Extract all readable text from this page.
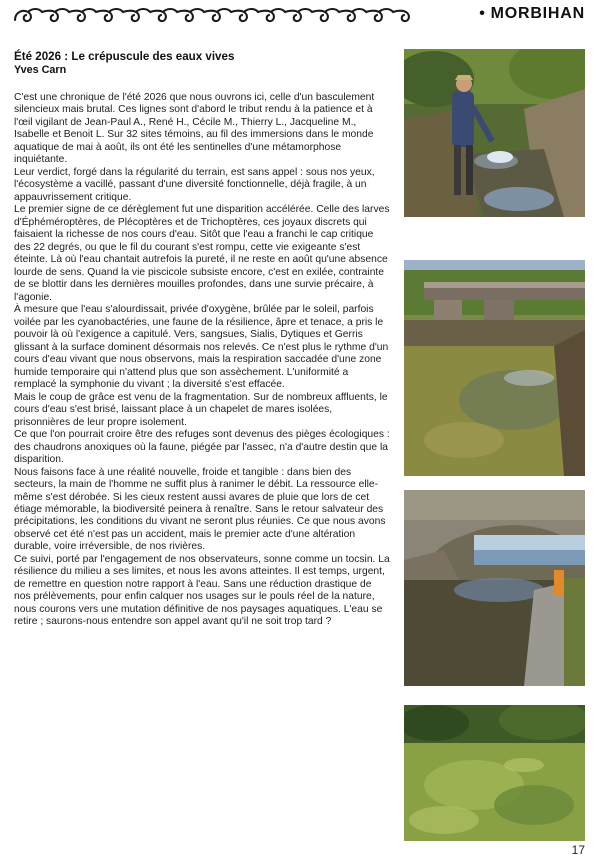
• MORBIHAN
Été 2026 : Le crépuscule des eaux vives
Yves Carn

C'est une chronique de l'été 2026 que nous ouvrons ici, celle d'un basculement silencieux mais brutal. Ces lignes sont d'abord le tribut rendu à la patience et à l'œil vigilant de Jean-Paul A., René H., Cécile M., Thierry L., Jacqueline M., Isabelle et Benoit L. Sur 32 sites témoins, au fil des immersions dans le monde aquatique de mai à août, ils ont été les sentinelles d'une métamorphose inquiétante.

Leur verdict, forgé dans la régularité du terrain, est sans appel : sous nos yeux, l'écosystème a vacillé, passant d'une diversité fonctionnelle, déjà fragile, à un appauvrissement critique.

Le premier signe de ce dérèglement fut une disparition accélérée. Celle des larves d'Éphéméroptères, de Plécoptères et de Trichoptères, ces joyaux discrets qui faisaient la richesse de nos cours d'eau. Sitôt que l'eau a franchi le cap critique des 22 degrés, ou que le fil du courant s'est rompu, cette vie exigeante s'est éteinte. Là où l'eau chantait autrefois la pureté, il ne reste en août qu'une absence lourde de sens. Quand la vie piscicole subsiste encore, c'est en exilée, contrainte de se blottir dans les dernières mouilles profondes, dans une survie précaire, à l'agonie.

À mesure que l'eau s'alourdissait, privée d'oxygène, brûlée par le soleil, parfois voilée par les cyanobactéries, une faune de la résilience, âpre et tenace, a pris le pouvoir là où l'exigence a capitulé. Vers, sangsues, Sialis, Dytiques et Gerris glissant à la surface dominent désormais nos relevés. Ce n'est plus le rythme d'un cours d'eau vivant que nous observons, mais la respiration saccadée d'une zone humide temporaire qui n'attend plus que son assèchement. L'uniformité a remplacé la symphonie du vivant ; la diversité s'est effacée.

Mais le coup de grâce est venu de la fragmentation. Sur de nombreux affluents, le cours d'eau s'est brisé, laissant place à un chapelet de mares isolées, prisonnières de leur propre isolement.

Ce que l'on pourrait croire être des refuges sont devenus des pièges écologiques : des chaudrons anoxiques où la faune, piégée par l'assec, n'a d'autre destin que la disparition.

Nous faisons face à une réalité nouvelle, froide et tangible : dans bien des secteurs, la main de l'homme ne suffit plus à ranimer le débit. La ressource elle-même s'est dérobée. Si les cieux restent aussi avares de pluie que lors de cet étiage mémorable, la biodiversité peinera à renaître. Sans le retour salvateur des précipitations, les conditions du vivant ne seront plus réunies. Ce que nous avons observé cet été n'est pas un accident, mais le premier acte d'une altération durable, voire irréversible, de nos rivières.

Ce suivi, porté par l'engagement de nos observateurs, sonne comme un tocsin. La résilience du milieu a ses limites, et nous les avons atteintes. Il est temps, urgent, de remettre en question notre rapport à l'eau. Sans une réduction drastique de nos prélèvements, pour enfin calquer nos usages sur le pouls réel de la nature, nous courons vers une mutation définitive de nos paysages aquatiques. L'eau se retire ; saurons-nous entendre son appel avant qu'il ne soit trop tard ?

17
